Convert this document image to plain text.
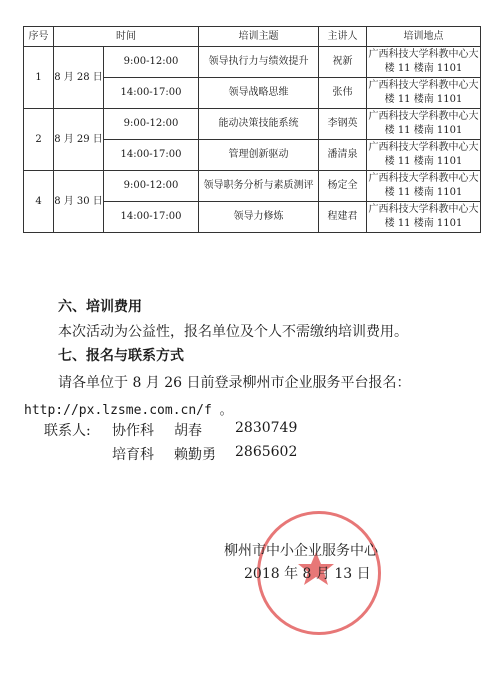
序号	时间		培训主题	主讲人	培训地点
1	8 月 28 日	9:00-12:00	领导执行力与绩效提升	祝新	广西科技大学科教中心大楼 11 楼南 1101
		14:00-17:00	领导战略思维	张伟	广西科技大学科教中心大楼 11 楼南 1101
2	8 月 29 日	9:00-12:00	能动决策技能系统	李钢英	广西科技大学科教中心大楼 11 楼南 1101
		14:00-17:00	管理创新驱动	潘清泉	广西科技大学科教中心大楼 11 楼南 1101
4	8 月 30 日	9:00-12:00	领导职务分析与素质测评	杨定全	广西科技大学科教中心大楼 11 楼南 1101
		14:00-17:00	领导力修炼	程建君	广西科技大学科教中心大楼 11 楼南 1101
六、培训费用
本次活动为公益性，报名单位及个人不需缴纳培训费用。
七、报名与联系方式
请各单位于 8 月 26 日前登录柳州市企业服务平台报名：
http://px.lzsme.com.cn/f 。
联系人: 协作科 胡春 2830749
培育科 赖勤勇 2865602
柳州市中小企业服务中心
2018 年 8 月 13 日
